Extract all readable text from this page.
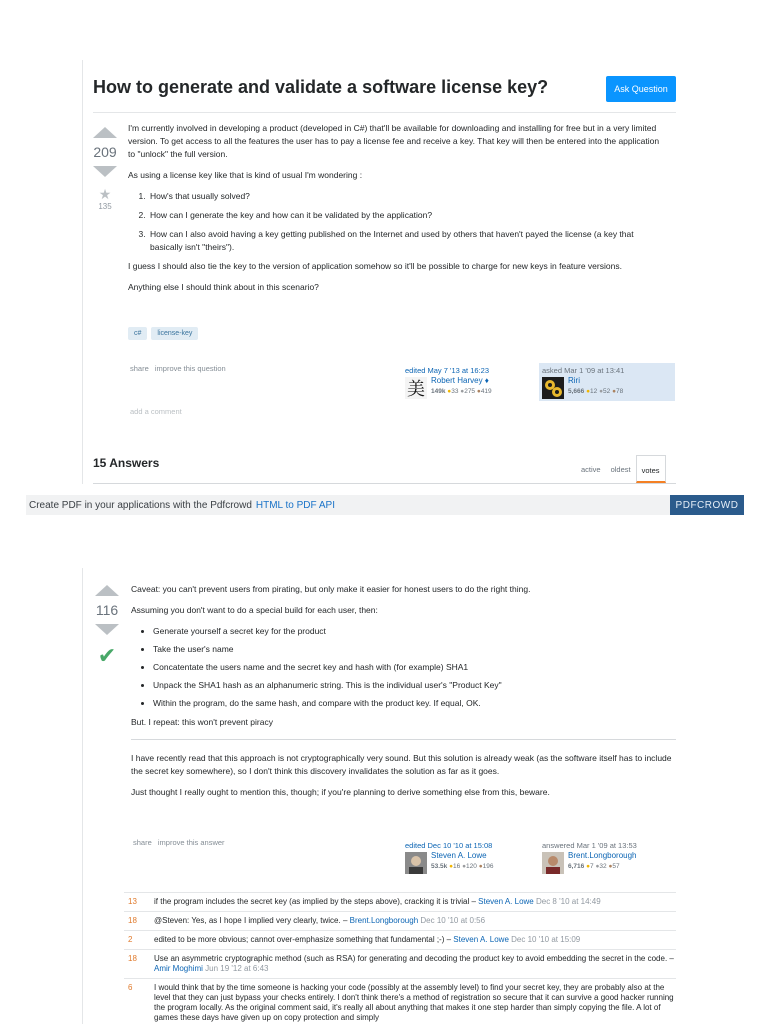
How to generate and validate a software license key?	Ask Question
209
★
135

I'm currently involved in developing a product (developed in C#) that'll be available for downloading and installing for free but in a very limited version. To get access to all the features the user has to pay a license fee and receive a key. That key will then be entered into the application to "unlock" the full version.

As using a license key like that is kind of usual I'm wondering :

1. How's that usually solved?
2. How can I generate the key and how can it be validated by the application?
3. How can I also avoid having a key getting published on the Internet and used by others that haven't payed the license (a key that basically isn't "theirs").

I guess I should also tie the key to the version of application somehow so it'll be possible to charge for new keys in feature versions.

Anything else I should think about in this scenario?

c#	license-key
share improve this question	edited May 7 '13 at 16:23
美 Robert Harvey ♦
149k ●33 ●275 ●419
asked Mar 1 '09 at 13:41
Riri
5,666 ●12 ●52 ●78
add a comment
15 Answers	active	oldest	votes
Create PDF in your applications with the Pdfcrowd HTML to PDF API	PDFCROWD
116
✔

Caveat: you can't prevent users from pirating, but only make it easier for honest users to do the right thing.

Assuming you don't want to do a special build for each user, then:

• Generate yourself a secret key for the product
• Take the user's name
• Concatentate the users name and the secret key and hash with (for example) SHA1
• Unpack the SHA1 hash as an alphanumeric string. This is the individual user's "Product Key"
• Within the program, do the same hash, and compare with the product key. If equal, OK.

But. I repeat: this won't prevent piracy

I have recently read that this approach is not cryptographically very sound. But this solution is already weak (as the software itself has to include the secret key somewhere), so I don't think this discovery invalidates the solution as far as it goes.

Just thought I really ought to mention this, though; if you're planning to derive something else from this, beware.

share improve this answer	edited Dec 10 '10 at 15:08
Steven A. Lowe
53.5k ●16 ●120 ●196
answered Mar 1 '09 at 13:53
Brent.Longborough
6,716 ●7 ●32 ●57
13	if the program includes the secret key (as implied by the steps above), cracking it is trivial – Steven A. Lowe Dec 8 '10 at 14:49
18	@Steven: Yes, as I hope I implied very clearly, twice. – Brent.Longborough Dec 10 '10 at 0:56
2	edited to be more obvious; cannot over-emphasize something that fundamental ;-) – Steven A. Lowe Dec 10 '10 at 15:09
18	Use an asymmetric cryptographic method (such as RSA) for generating and decoding the product key to avoid embedding the secret in the code. – Amir Moghimi Jun 19 '12 at 6:43
6	I would think that by the time someone is hacking your code (possibly at the assembly level) to find your secret key, they are probably also at the level that they can just bypass your checks entirely. I don't think there's a method of registration so secure that it can survive a good hacker running the program locally. As the original comment said, it's really all about anything that makes it one step harder than simply copying the file. A lot of games these days have given up on copy protection and simply
